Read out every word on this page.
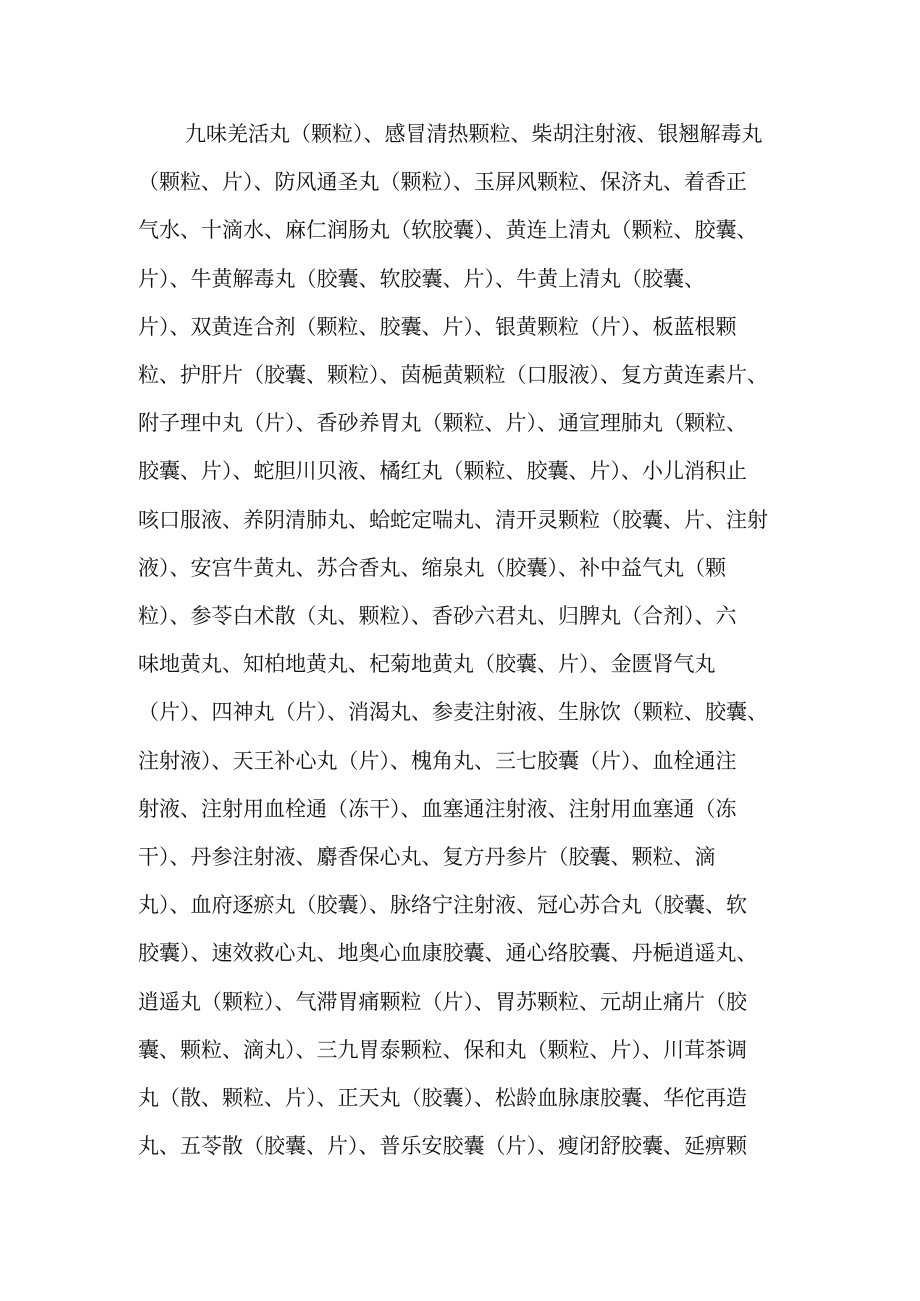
九味羌活丸（颗粒）、感冒清热颗粒、柴胡注射液、银翘解毒丸
（颗粒、片）、防风通圣丸（颗粒）、玉屏风颗粒、保济丸、着香正
气水、十滴水、麻仁润肠丸（软胶囊）、黄连上清丸（颗粒、胶囊、
片）、牛黄解毒丸（胶囊、软胶囊、片）、牛黄上清丸（胶囊、
片）、双黄连合剂（颗粒、胶囊、片）、银黄颗粒（片）、板蓝根颗
粒、护肝片（胶囊、颗粒）、茵梔黄颗粒（口服液）、复方黄连素片、
附子理中丸（片）、香砂养胃丸（颗粒、片）、通宣理肺丸（颗粒、
胶囊、片）、蛇胆川贝液、橘红丸（颗粒、胶囊、片）、小儿消积止
咳口服液、养阴清肺丸、蛤蛇定喘丸、清开灵颗粒（胶囊、片、注射
液）、安宫牛黄丸、苏合香丸、缩泉丸（胶囊）、补中益气丸（颗
粒）、参苓白术散（丸、颗粒）、香砂六君丸、归脾丸（合剂）、六
味地黄丸、知柏地黄丸、杞菊地黄丸（胶囊、片）、金匮肾气丸
（片）、四神丸（片）、消渴丸、参麦注射液、生脉饮（颗粒、胶囊、
注射液）、天王补心丸（片）、槐角丸、三七胶囊（片）、血栓通注
射液、注射用血栓通（冻干）、血塞通注射液、注射用血塞通（冻
干）、丹参注射液、麝香保心丸、复方丹参片（胶囊、颗粒、滴
丸）、血府逐瘀丸（胶囊）、脉络宁注射液、冠心苏合丸（胶囊、软
胶囊）、速效救心丸、地奥心血康胶囊、通心络胶囊、丹梔逍遥丸、
逍遥丸（颗粒）、气滞胃痛颗粒（片）、胃苏颗粒、元胡止痛片（胶
囊、颗粒、滴丸）、三九胃泰颗粒、保和丸（颗粒、片）、川茸茶调
丸（散、颗粒、片）、正天丸（胶囊）、松龄血脉康胶囊、华佗再造
丸、五苓散（胶囊、片）、普乐安胶囊（片）、瘦闭舒胶囊、延痹颗
